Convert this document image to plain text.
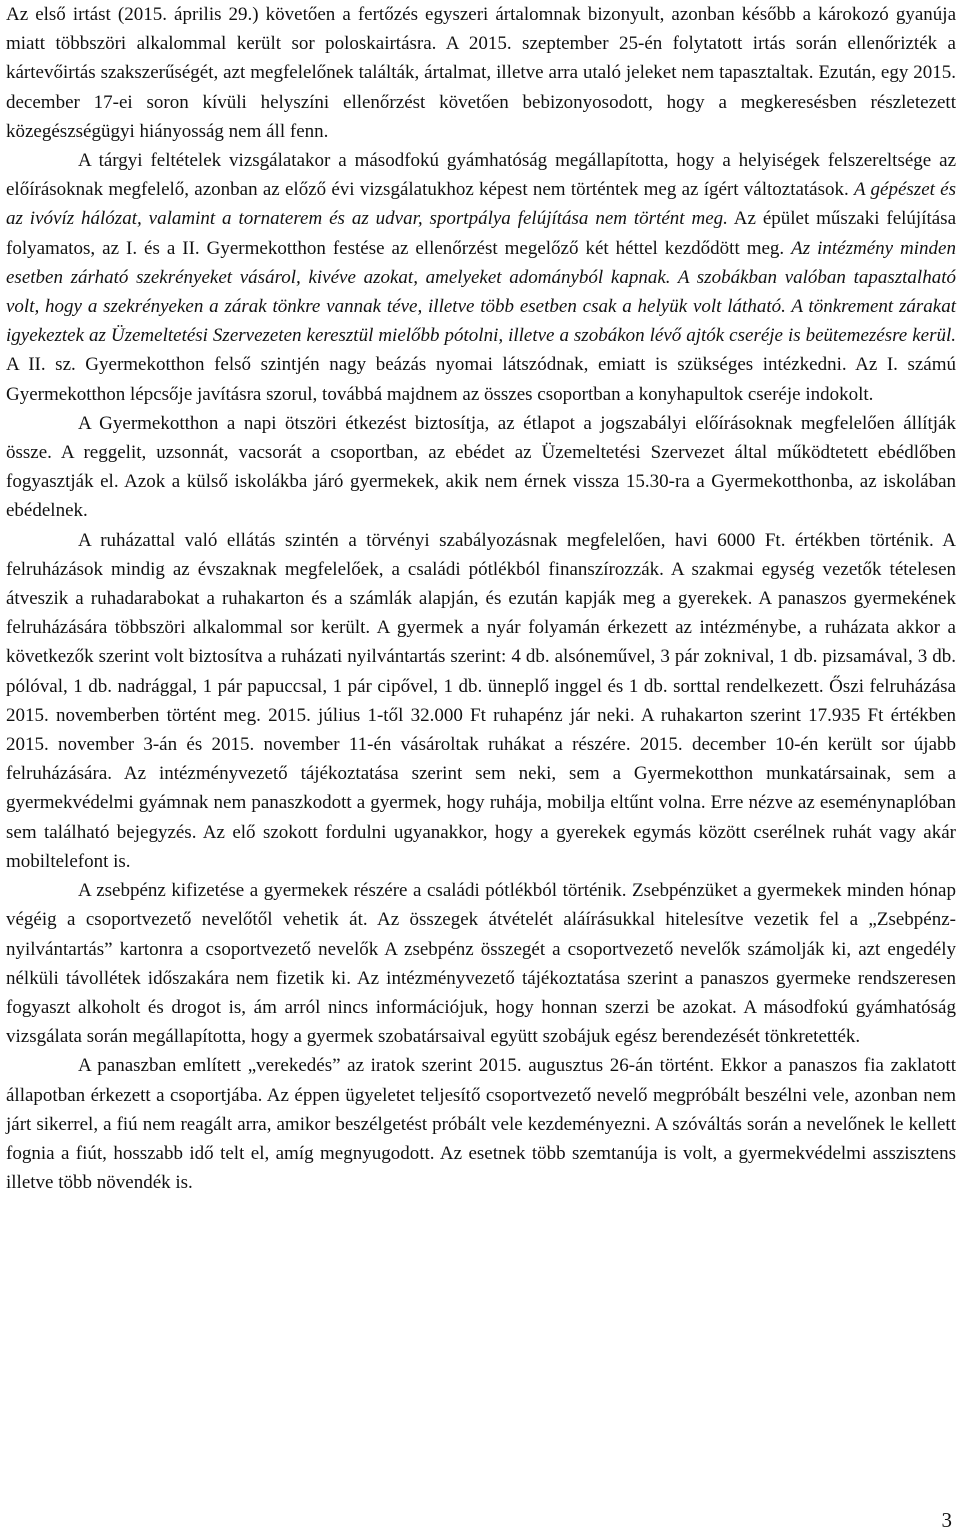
Az első irtást (2015. április 29.) követően a fertőzés egyszeri ártalomnak bizonyult, azonban később a károkozó gyanúja miatt többszöri alkalommal került sor poloskairtásra. A 2015. szeptember 25-én folytatott irtás során ellenőrizték a kártevőirtás szakszerűségét, azt megfelelőnek találták, ártalmat, illetve arra utaló jeleket nem tapasztaltak. Ezután, egy 2015. december 17-ei soron kívüli helyszíni ellenőrzést követően bebizonyosodott, hogy a megkeresésben részletezett közegészségügyi hiányosság nem áll fenn.

A tárgyi feltételek vizsgálatakor a másodfokú gyámhatóság megállapította, hogy a helyiségek felszereltsége az előírásoknak megfelelő, azonban az előző évi vizsgálatukhoz képest nem történtek meg az ígért változtatások. A gépészet és az ivóvíz hálózat, valamint a tornaterem és az udvar, sportpálya felújítása nem történt meg. Az épület műszaki felújítása folyamatos, az I. és a II. Gyermekotthon festése az ellenőrzést megelőző két héttel kezdődött meg. Az intézmény minden esetben zárható szekrényeket vásárol, kivéve azokat, amelyeket adományból kapnak. A szobákban valóban tapasztalható volt, hogy a szekrényeken a zárak tönkre vannak téve, illetve több esetben csak a helyük volt látható. A tönkrement zárakat igyekeztek az Üzemeltetési Szervezeten keresztül mielőbb pótolni, illetve a szobákon lévő ajtók cseréje is beütemezésre kerül. A II. sz. Gyermekotthon felső szintjén nagy beázás nyomai látszódnak, emiatt is szükséges intézkedni. Az I. számú Gyermekotthon lépcsője javításra szorul, továbbá majdnem az összes csoportban a konyhapultok cseréje indokolt.

A Gyermekotthon a napi ötszöri étkezést biztosítja, az étlapot a jogszabályi előírásoknak megfelelően állítják össze. A reggelit, uzsonnát, vacsorát a csoportban, az ebédet az Üzemeltetési Szervezet által működtetett ebédlőben fogyasztják el. Azok a külső iskolákba járó gyermekek, akik nem érnek vissza 15.30-ra a Gyermekotthonba, az iskolában ebédelnek.

A ruházattal való ellátás szintén a törvényi szabályozásnak megfelelően, havi 6000 Ft. értékben történik. A felruházások mindig az évszaknak megfelelőek, a családi pótlékból finanszírozzák. A szakmai egység vezetők tételesen átveszik a ruhadarabokat a ruhakarton és a számlák alapján, és ezután kapják meg a gyerekek. A panaszos gyermekének felruházására többszöri alkalommal sor került. A gyermek a nyár folyamán érkezett az intézménybe, a ruházata akkor a következők szerint volt biztosítva a ruházati nyilvántartás szerint: 4 db. alsóneművel, 3 pár zoknival, 1 db. pizsamával, 3 db. pólóval, 1 db. nadrággal, 1 pár papuccsal, 1 pár cipővel, 1 db. ünneplő inggel és 1 db. sorttal rendelkezett. Őszi felruházása 2015. novemberben történt meg. 2015. július 1-től 32.000 Ft ruhapénz jár neki. A ruhakarton szerint 17.935 Ft értékben 2015. november 3-án és 2015. november 11-én vásároltak ruhákat a részére. 2015. december 10-én került sor újabb felruházására. Az intézményvezető tájékoztatása szerint sem neki, sem a Gyermekotthon munkatársainak, sem a gyermekvédelmi gyámnak nem panaszkodott a gyermek, hogy ruhája, mobilja eltűnt volna. Erre nézve az eseménynaplóban sem található bejegyzés. Az elő szokott fordulni ugyanakkor, hogy a gyerekek egymás között cserélnek ruhát vagy akár mobiltelefont is.

A zsebpénz kifizetése a gyermekek részére a családi pótlékból történik. Zsebpénzüket a gyermekek minden hónap végéig a csoportvezető nevelőtől vehetik át. Az összegek átvételét aláírásukkal hitelesítve vezetik fel a „Zsebpénz-nyilvántartás” kartonra a csoportvezető nevelők A zsebpénz összegét a csoportvezető nevelők számolják ki, azt engedély nélküli távollétek időszakára nem fizetik ki. Az intézményvezető tájékoztatása szerint a panaszos gyermeke rendszeresen fogyaszt alkoholt és drogot is, ám arról nincs információjuk, hogy honnan szerzi be azokat. A másodfokú gyámhatóság vizsgálata során megállapította, hogy a gyermek szobatársaival együtt szobájuk egész berendezését tönkretették.

A panaszban említett „verekedés” az iratok szerint 2015. augusztus 26-án történt. Ekkor a panaszos fia zaklatott állapotban érkezett a csoportjába. Az éppen ügyeletet teljesítő csoportvezető nevelő megpróbált beszélni vele, azonban nem járt sikerrel, a fiú nem reagált arra, amikor beszélgetést próbált vele kezdeményezni. A szóváltás során a nevelőnek le kellett fognia a fiút, hosszabb idő telt el, amíg megnyugodott. Az esetnek több szemtanúja is volt, a gyermekvédelmi asszisztens illetve több növendék is.

3
